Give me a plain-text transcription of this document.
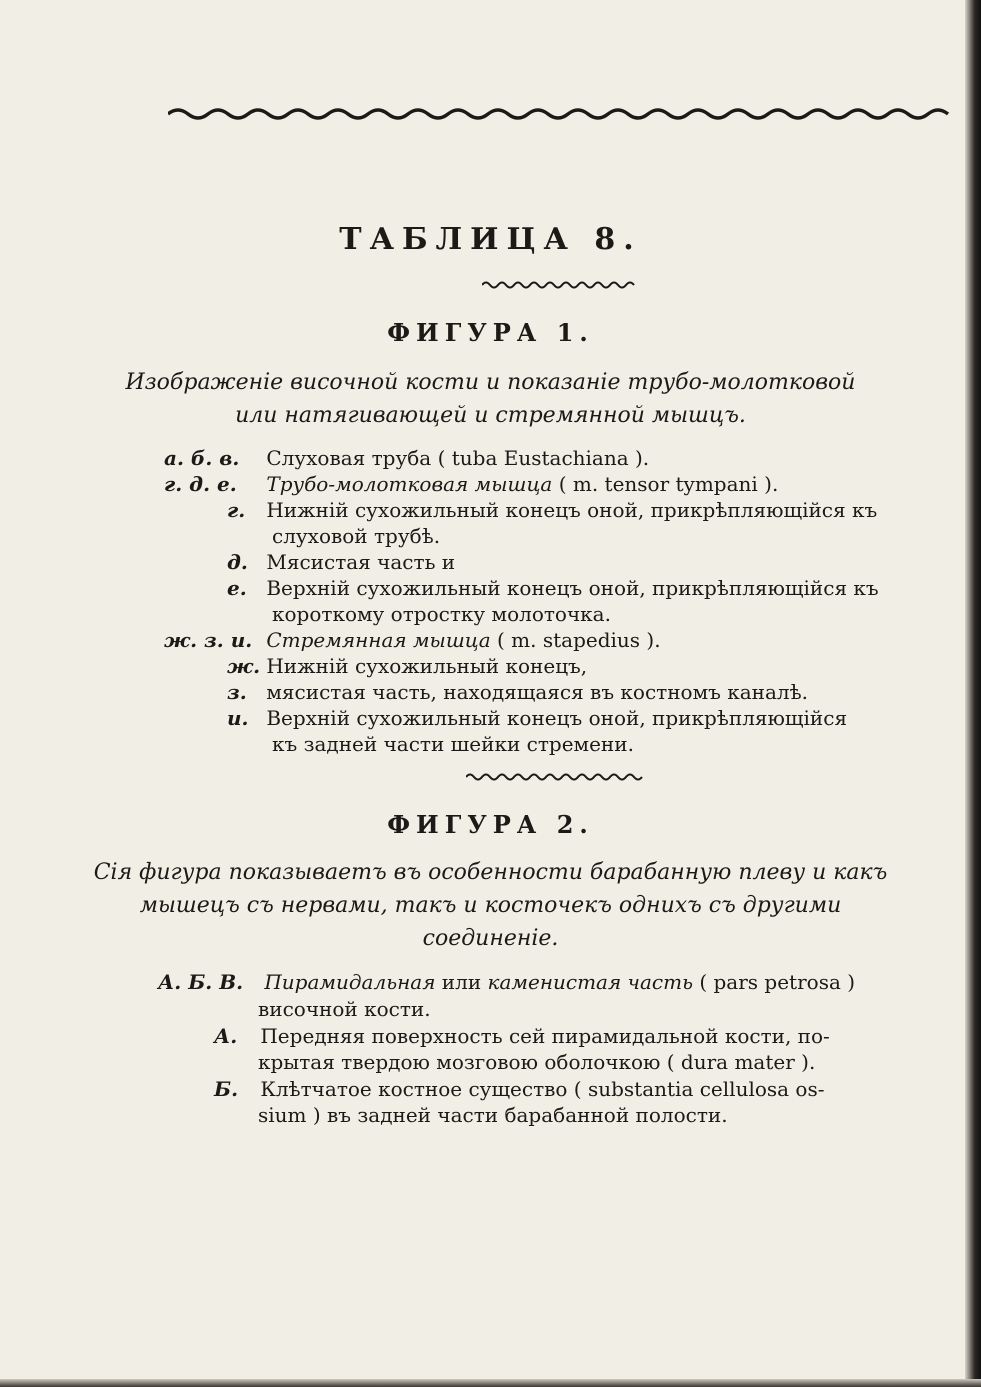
ТАБЛИЦА 8.
ФИГУРА 1.
Изображеніе височной кости и показаніе трубо-молотковой
или натягивающей и стремянной мышцъ.
а. б. в. Слуховая труба ( tuba Eustachiana ).
г. д. е. Трубо-молотковая мышца ( m. tensor tympani ).
г. Нижній сухожильный конецъ оной, прикрѣпляющійся къ
слуховой трубѣ.
д. Мясистая часть и
е. Верхній сухожильный конецъ оной, прикрѣпляющійся къ
короткому отростку молоточка.
ж. з. и. Стремянная мышца ( m. stapedius ).
ж. Нижній сухожильный конецъ,
з. мясистая часть, находящаяся въ костномъ каналѣ.
и. Верхній сухожильный конецъ оной, прикрѣпляющійся
къ задней части шейки стремени.
ФИГУРА 2.
Сія фигура показываетъ въ особенности барабанную плеву и какъ
мышецъ съ нервами, такъ и косточекъ однихъ съ другими
соединеніе.
А. Б. В. Пирамидальная или каменистая часть ( pars petrosa )
височной кости.
А. Передняя поверхность сей пирамидальной кости, по-
крытая твердою мозговою оболочкою ( dura mater ).
Б. Клѣтчатое костное существо ( substantia cellulosa os-
sium ) въ задней части барабанной полости.
